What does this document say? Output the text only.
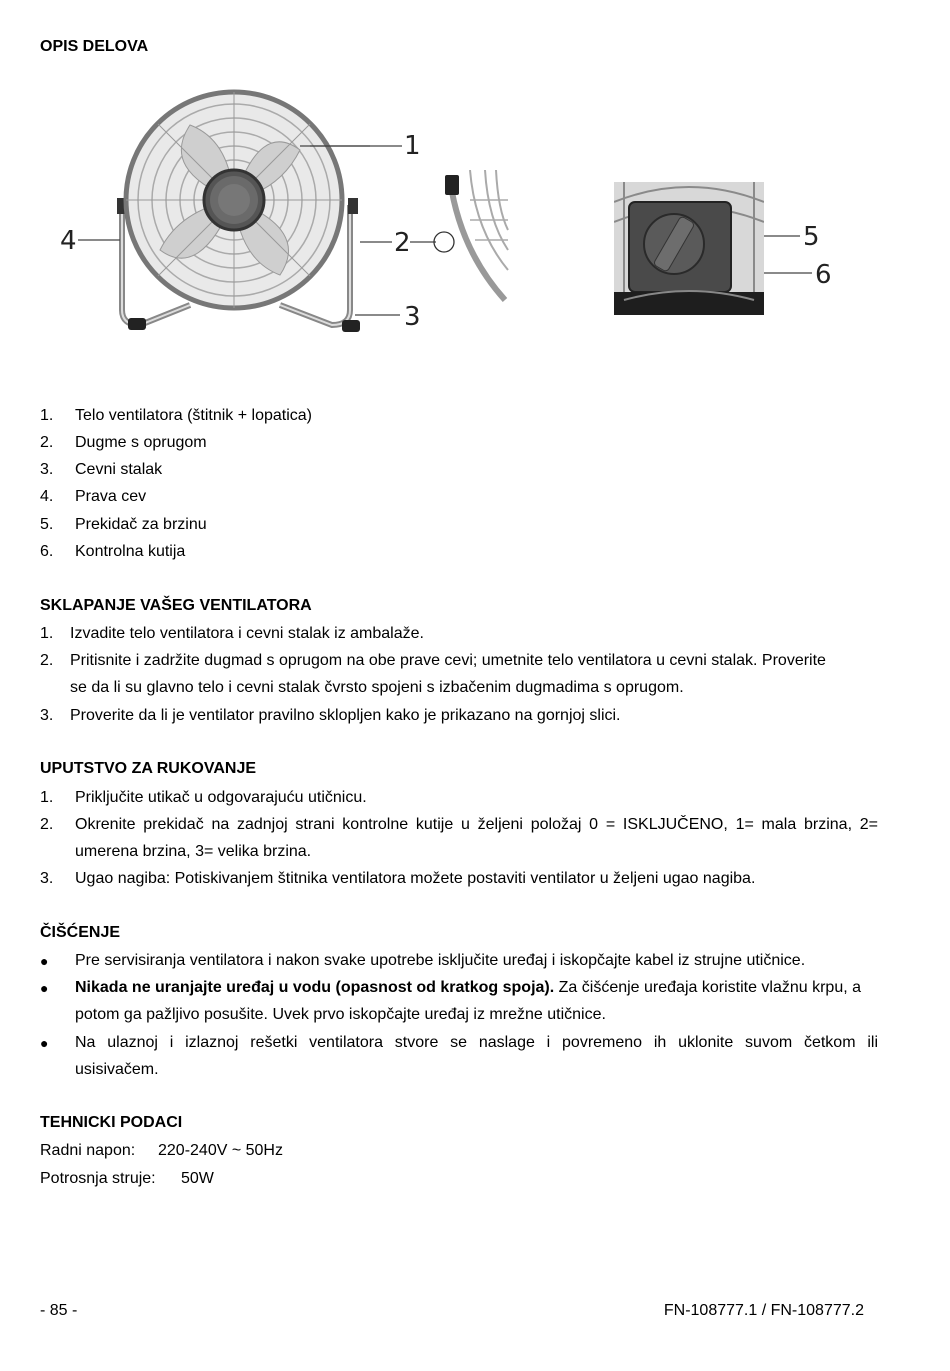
OPIS DELOVA
1
2
3
4	5
6
1. Telo ventilatora (štitnik + lopatica)
2. Dugme s oprugom
3. Cevni stalak
4. Prava cev
5. Prekidač za brzinu
6. Kontrolna kutija
SKLAPANJE VAŠEG VENTILATORA
1. Izvadite telo ventilatora i cevni stalak iz ambalaže.
2. Pritisnite i zadržite dugmad s oprugom na obe prave cevi; umetnite telo ventilatora u cevni stalak. Proverite
se da li su glavno telo i cevni stalak čvrsto spojeni s izbačenim dugmadima s oprugom.
3. Proverite da li je ventilator pravilno sklopljen kako je prikazano na gornjoj slici.
UPUTSTVO ZA RUKOVANJE
1. Priključite utikač u odgovarajuću utičnicu.
2. Okrenite prekidač na zadnjoj strani kontrolne kutije u željeni položaj 0 = ISKLJUČENO, 1= mala brzina, 2=
umerena brzina, 3= velika brzina.
3. Ugao nagiba: Potiskivanjem štitnika ventilatora možete postaviti ventilator u željeni ugao nagiba.
ČIŠĆENJE
● Pre servisiranja ventilatora i nakon svake upotrebe isključite uređaj i iskopčajte kabel iz strujne utičnice.
● Nikada ne uranjajte uređaj u vodu (opasnost od kratkog spoja). Za čišćenje uređaja koristite vlažnu krpu, a
potom ga pažljivo posušite. Uvek prvo iskopčajte uređaj iz mrežne utičnice.
● Na ulaznoj i izlaznoj rešetki ventilatora stvore se naslage i povremeno ih uklonite suvom četkom ili
usisivačem.
TEHNICKI PODACI
Radni napon: 220-240V ~ 50Hz
Potrosnja struje: 50W
- 85 -	FN-108777.1 / FN-108777.2
